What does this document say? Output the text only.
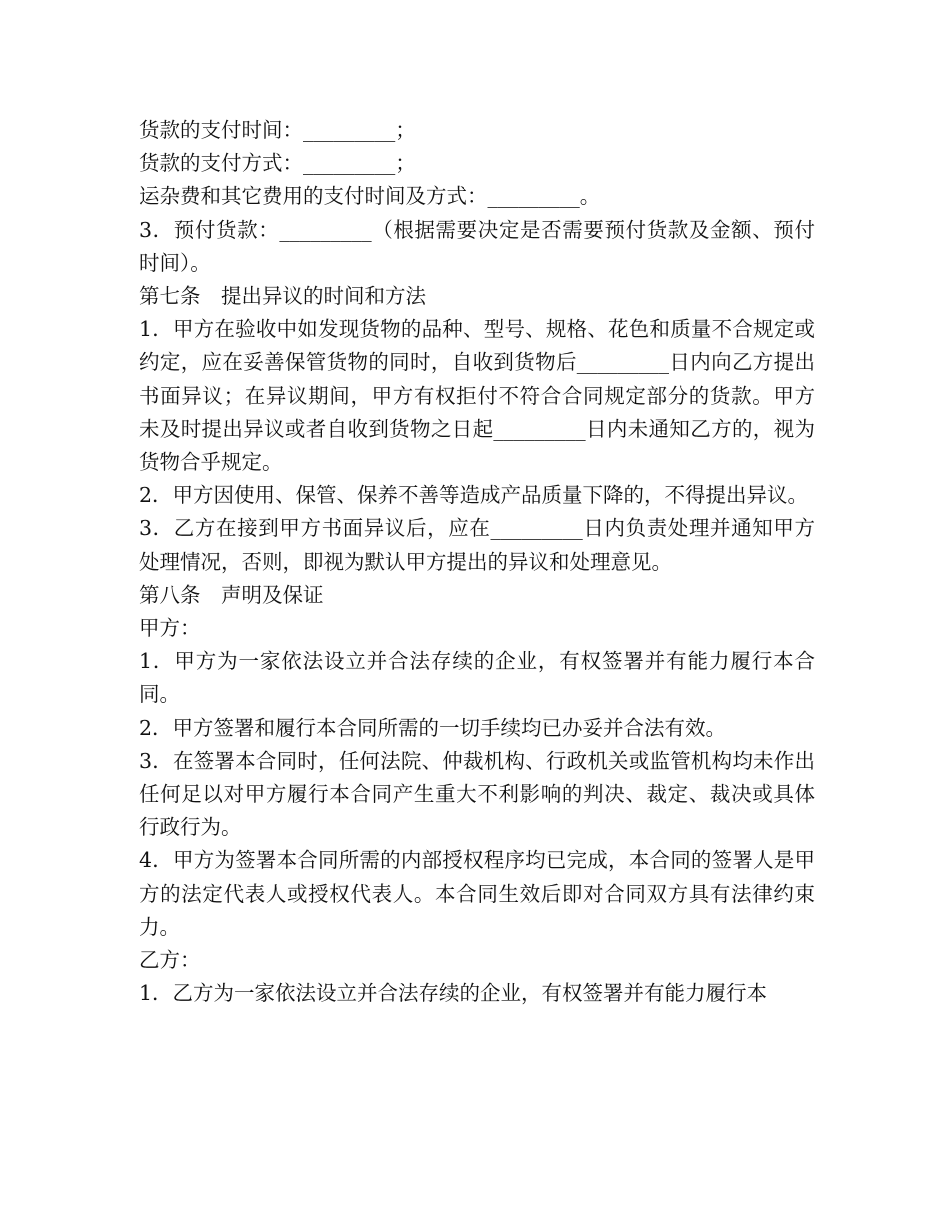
货款的支付时间：_________；

货款的支付方式：_________；

运杂费和其它费用的支付时间及方式：_________。

3．预付货款：_________（根据需要决定是否需要预付货款及金额、预付时间）。

第七条　提出异议的时间和方法

1．甲方在验收中如发现货物的品种、型号、规格、花色和质量不合规定或约定，应在妥善保管货物的同时，自收到货物后_________日内向乙方提出书面异议；在异议期间，甲方有权拒付不符合合同规定部分的货款。甲方未及时提出异议或者自收到货物之日起_________日内未通知乙方的，视为货物合乎规定。

2．甲方因使用、保管、保养不善等造成产品质量下降的，不得提出异议。

3．乙方在接到甲方书面异议后，应在_________日内负责处理并通知甲方处理情况，否则，即视为默认甲方提出的异议和处理意见。

第八条　声明及保证

甲方：

1．甲方为一家依法设立并合法存续的企业，有权签署并有能力履行本合同。

2．甲方签署和履行本合同所需的一切手续均已办妥并合法有效。

3．在签署本合同时，任何法院、仲裁机构、行政机关或监管机构均未作出任何足以对甲方履行本合同产生重大不利影响的判决、裁定、裁决或具体行政行为。

4．甲方为签署本合同所需的内部授权程序均已完成，本合同的签署人是甲方的法定代表人或授权代表人。本合同生效后即对合同双方具有法律约束力。

乙方：

1．乙方为一家依法设立并合法存续的企业，有权签署并有能力履行本
